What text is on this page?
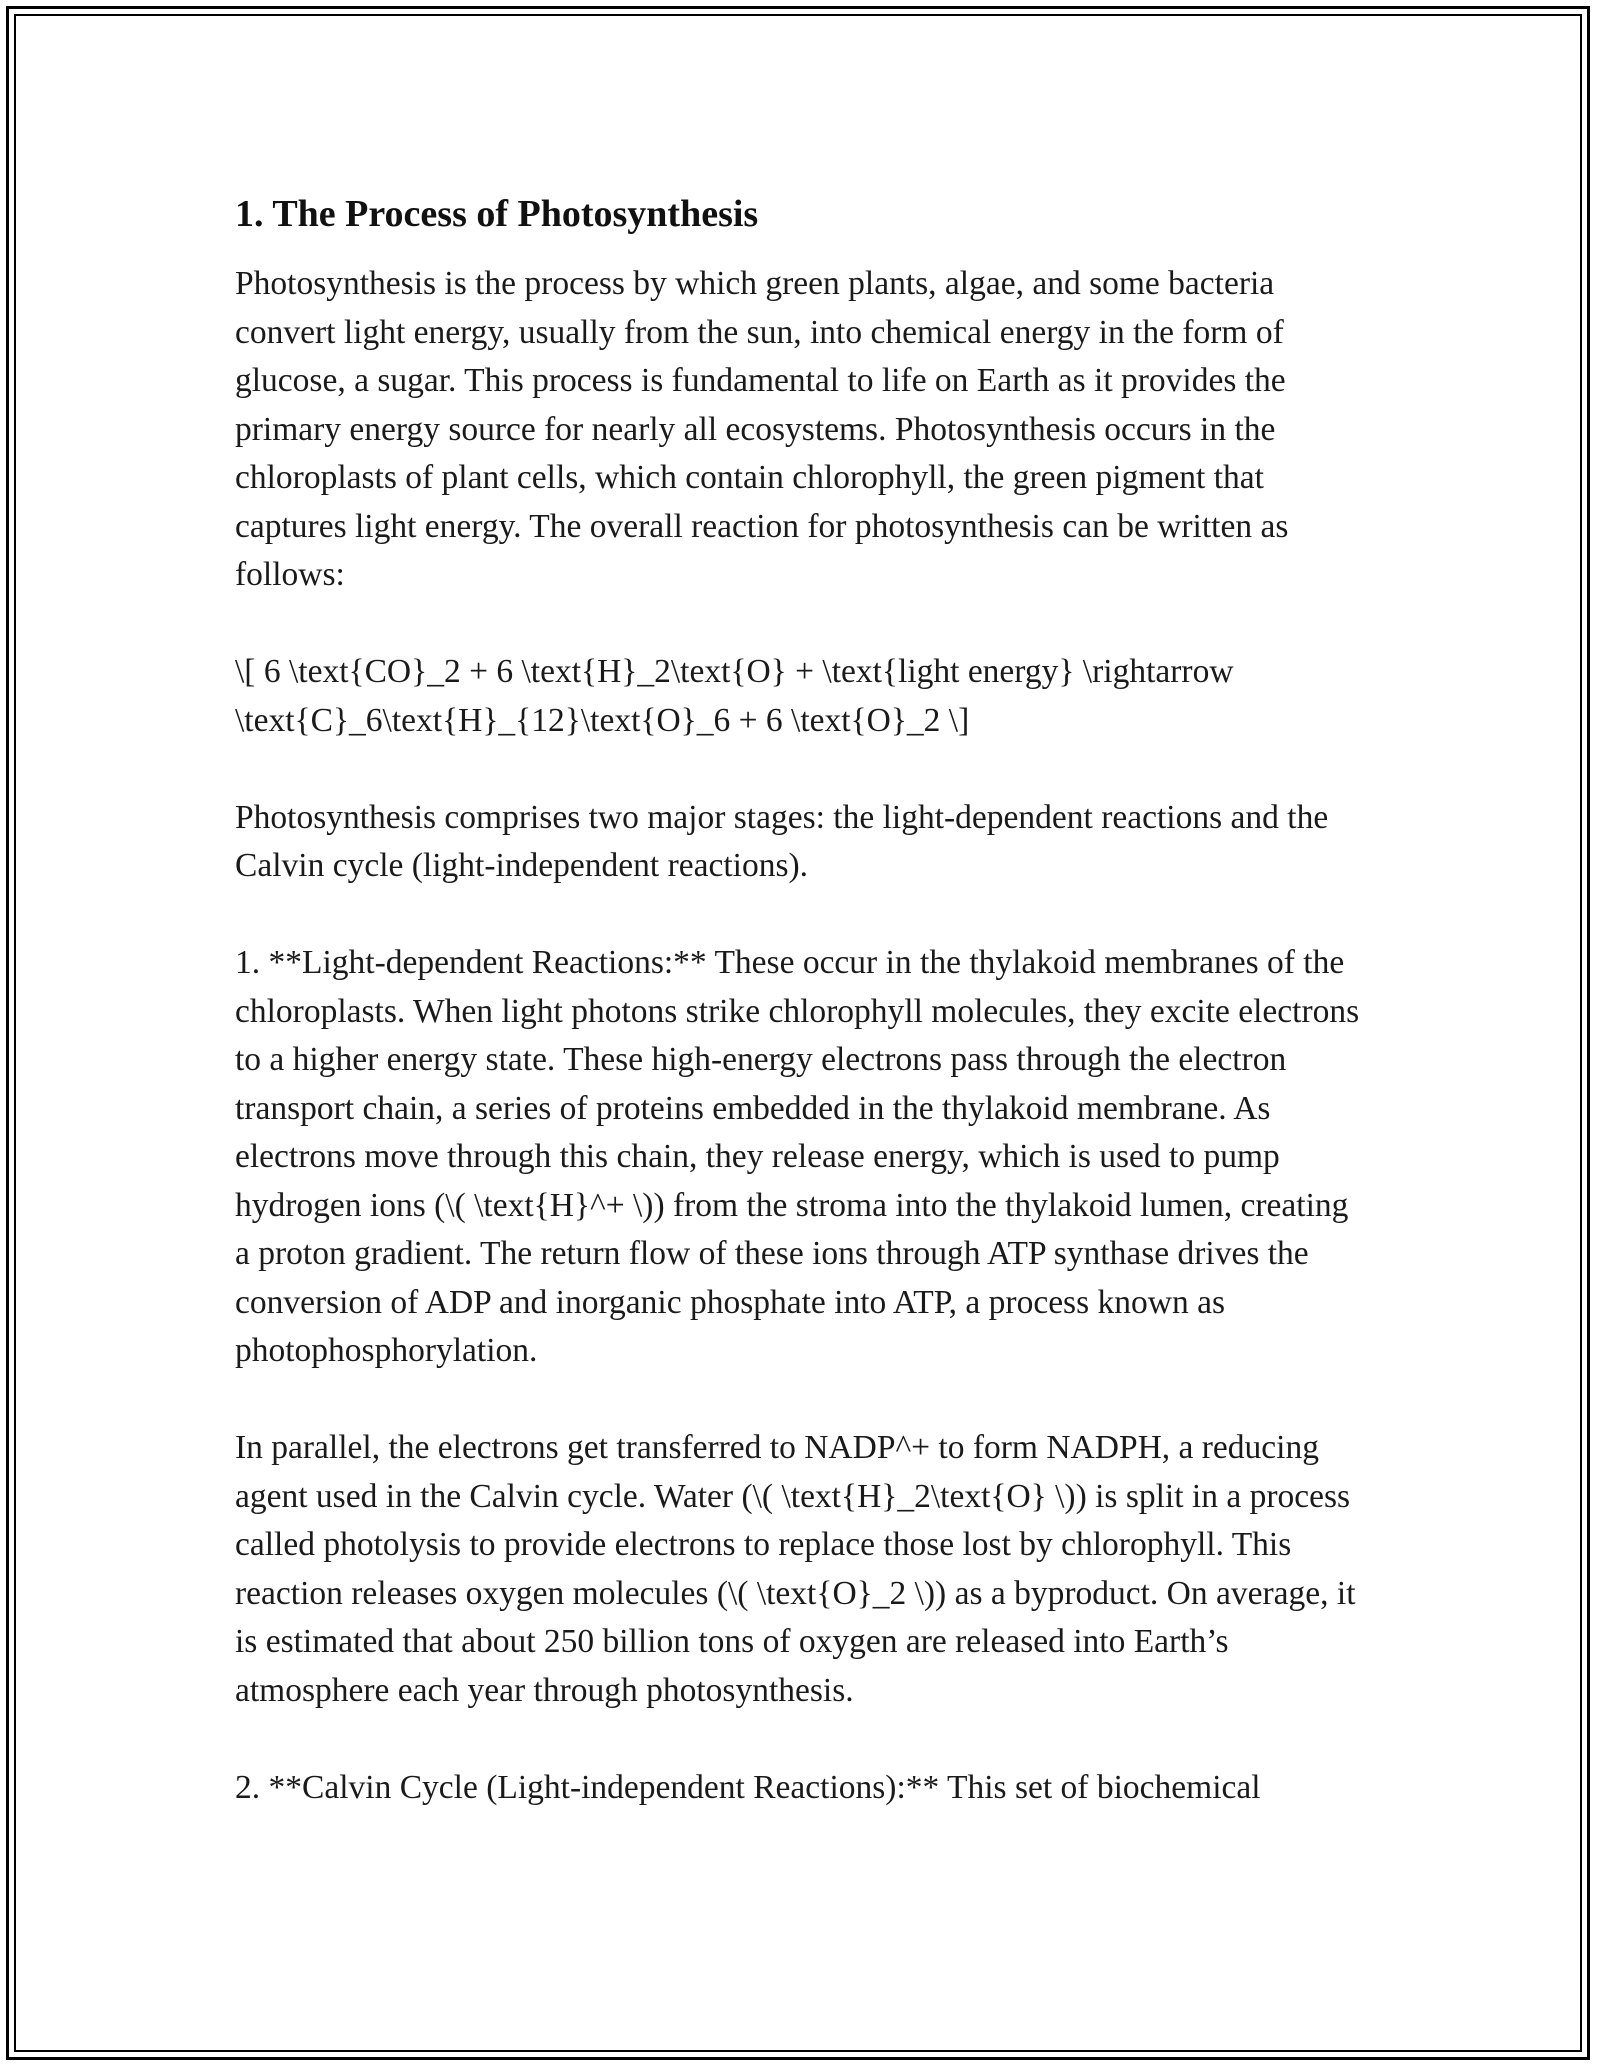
1. The Process of Photosynthesis

Photosynthesis is the process by which green plants, algae, and some bacteria convert light energy, usually from the sun, into chemical energy in the form of glucose, a sugar. This process is fundamental to life on Earth as it provides the primary energy source for nearly all ecosystems. Photosynthesis occurs in the chloroplasts of plant cells, which contain chlorophyll, the green pigment that captures light energy. The overall reaction for photosynthesis can be written as follows:

\[ 6 \text{CO}_2 + 6 \text{H}_2\text{O} + \text{light energy} \rightarrow \text{C}_6\text{H}_{12}\text{O}_6 + 6 \text{O}_2 \]

Photosynthesis comprises two major stages: the light-dependent reactions and the Calvin cycle (light-independent reactions).

1. **Light-dependent Reactions:** These occur in the thylakoid membranes of the chloroplasts. When light photons strike chlorophyll molecules, they excite electrons to a higher energy state. These high-energy electrons pass through the electron transport chain, a series of proteins embedded in the thylakoid membrane. As electrons move through this chain, they release energy, which is used to pump hydrogen ions (\( \text{H}^+ \)) from the stroma into the thylakoid lumen, creating a proton gradient. The return flow of these ions through ATP synthase drives the conversion of ADP and inorganic phosphate into ATP, a process known as photophosphorylation.

In parallel, the electrons get transferred to NADP^+ to form NADPH, a reducing agent used in the Calvin cycle. Water (\( \text{H}_2\text{O} \)) is split in a process called photolysis to provide electrons to replace those lost by chlorophyll. This reaction releases oxygen molecules (\( \text{O}_2 \)) as a byproduct. On average, it is estimated that about 250 billion tons of oxygen are released into Earth’s atmosphere each year through photosynthesis.

2. **Calvin Cycle (Light-independent Reactions):** This set of biochemical
